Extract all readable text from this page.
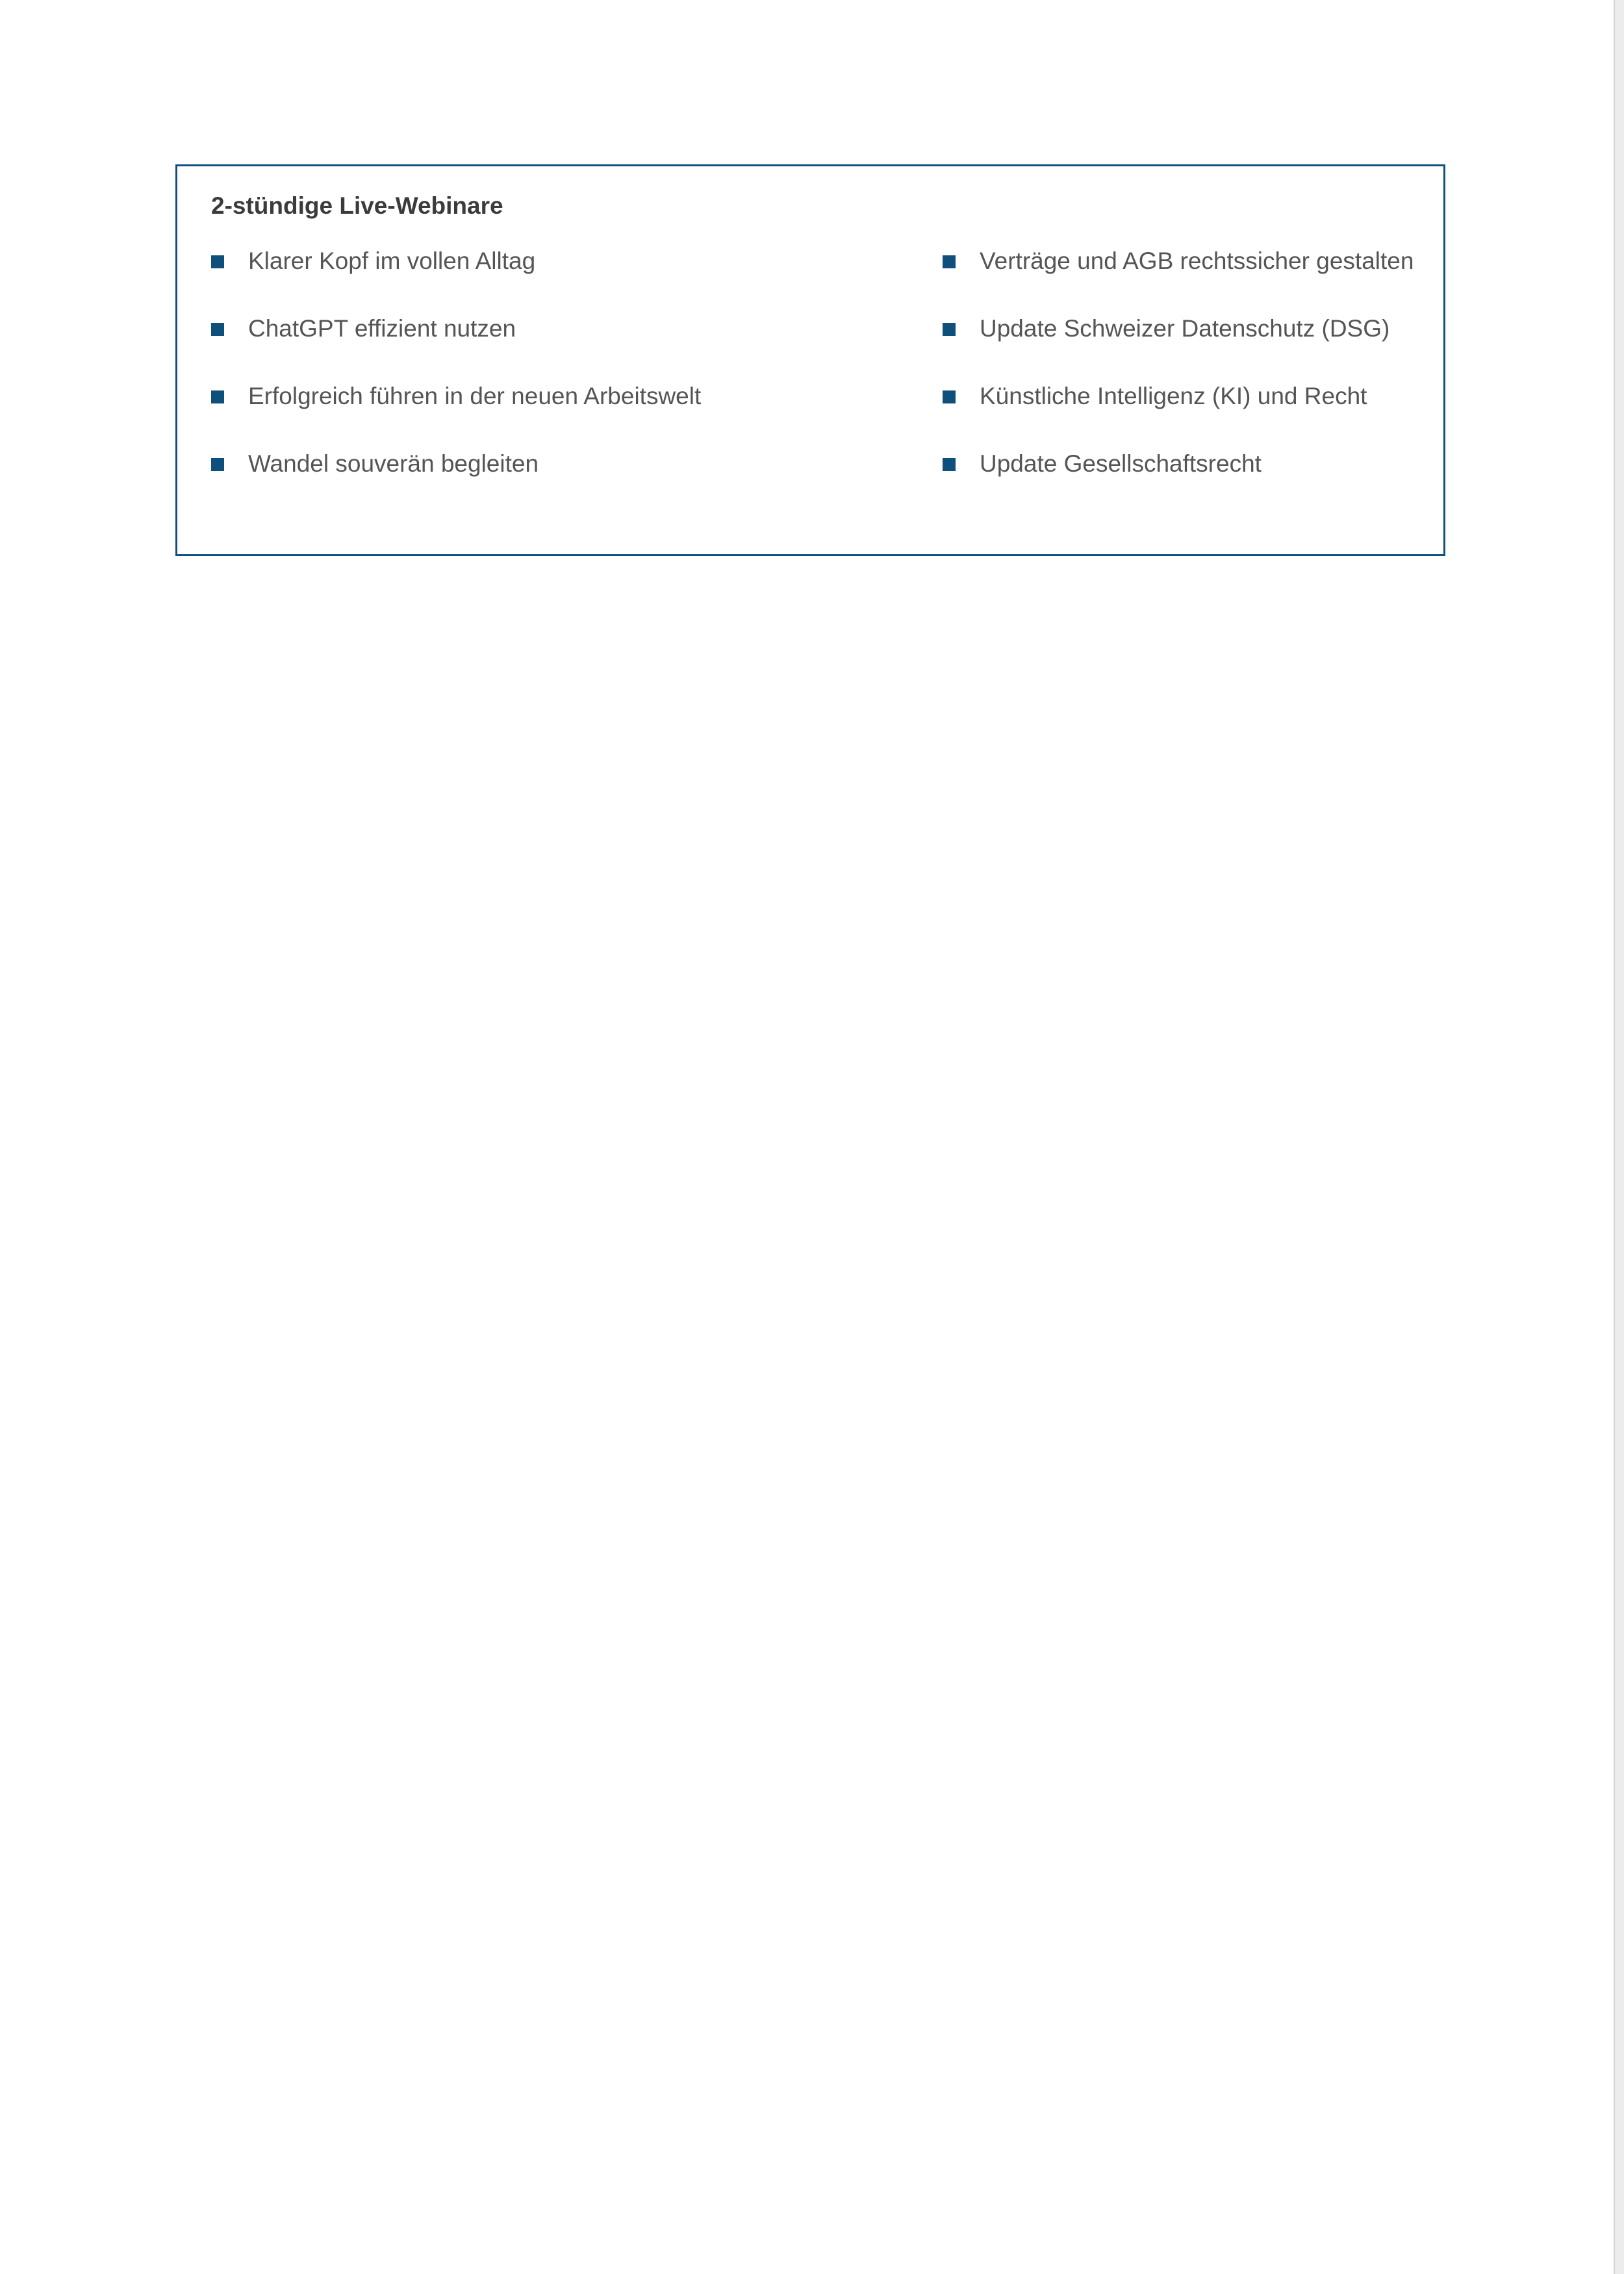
2-stündige Live-Webinare
Klarer Kopf im vollen Alltag
ChatGPT effizient nutzen
Erfolgreich führen in der neuen Arbeitswelt
Wandel souverän begleiten
Verträge und AGB rechtssicher gestalten
Update Schweizer Datenschutz (DSG)
Künstliche Intelligenz (KI) und Recht
Update Gesellschaftsrecht
